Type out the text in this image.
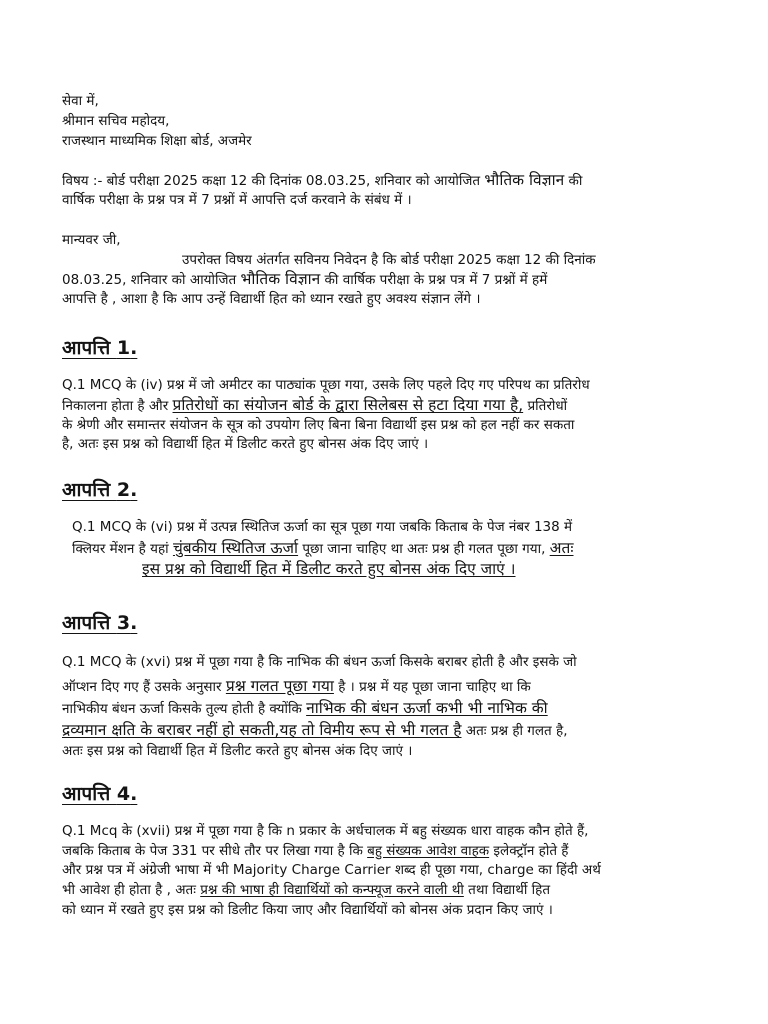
सेवा में,
श्रीमान सचिव महोदय,
राजस्थान माध्यमिक शिक्षा बोर्ड, अजमेर
विषय :- बोर्ड परीक्षा 2025 कक्षा 12 की दिनांक 08.03.25, शनिवार को आयोजित भौतिक विज्ञान की
वार्षिक परीक्षा के प्रश्न पत्र में 7 प्रश्नों में आपत्ति दर्ज करवाने के संबंध में ।
मान्यवर जी,
उपरोक्त विषय अंतर्गत सविनय निवेदन है कि बोर्ड परीक्षा 2025 कक्षा 12 की दिनांक
08.03.25, शनिवार को आयोजित भौतिक विज्ञान की वार्षिक परीक्षा के प्रश्न पत्र में 7 प्रश्नों में हमें
आपत्ति है , आशा है कि आप उन्हें विद्यार्थी हित को ध्यान रखते हुए अवश्य संज्ञान लेंगे ।
आपत्ति 1.
Q.1 MCQ के (iv) प्रश्न में जो अमीटर का पाठ्यांक पूछा गया, उसके लिए पहले दिए गए परिपथ का प्रतिरोध
निकालना होता है और प्रतिरोधों का संयोजन बोर्ड के द्वारा सिलेबस से हटा दिया गया है, प्रतिरोधों
के श्रेणी और समान्तर संयोजन के सूत्र को उपयोग लिए बिना बिना विद्यार्थी इस प्रश्न को हल नहीं कर सकता
है, अतः इस प्रश्न को विद्यार्थी हित में डिलीट करते हुए बोनस अंक दिए जाएं ।
आपत्ति 2.
Q.1 MCQ के (vi) प्रश्न में उत्पन्न स्थितिज ऊर्जा का सूत्र पूछा गया जबकि किताब के पेज नंबर 138 में
क्लियर मेंशन है यहां चुंबकीय स्थितिज ऊर्जा पूछा जाना चाहिए था अतः प्रश्न ही गलत पूछा गया, अतः
इस प्रश्न को विद्यार्थी हित में डिलीट करते हुए बोनस अंक दिए जाएं ।
आपत्ति 3.
Q.1 MCQ के (xvi) प्रश्न में पूछा गया है कि नाभिक की बंधन ऊर्जा किसके बराबर होती है और इसके जो
ऑप्शन दिए गए हैं उसके अनुसार प्रश्न गलत पूछा गया है । प्रश्न में यह पूछा जाना चाहिए था कि
नाभिकीय बंधन ऊर्जा किसके तुल्य होती है क्योंकि नाभिक की बंधन ऊर्जा कभी भी नाभिक की
द्रव्यमान क्षति के बराबर नहीं हो सकती,यह तो विमीय रूप से भी गलत है अतः प्रश्न ही गलत है,
अतः इस प्रश्न को विद्यार्थी हित में डिलीट करते हुए बोनस अंक दिए जाएं ।
आपत्ति 4.
Q.1 Mcq के (xvii) प्रश्न में पूछा गया है कि n प्रकार के अर्धचालक में बहु संख्यक धारा वाहक कौन होते हैं,
जबकि किताब के पेज 331 पर सीधे तौर पर लिखा गया है कि बहु संख्यक आवेश वाहक इलेक्ट्रॉन होते हैं
और प्रश्न पत्र में अंग्रेजी भाषा में भी Majority Charge Carrier शब्द ही पूछा गया, charge का हिंदी अर्थ
भी आवेश ही होता है , अतः प्रश्न की भाषा ही विद्यार्थियों को कन्फ्यूज करने वाली थी तथा विद्यार्थी हित
को ध्यान में रखते हुए इस प्रश्न को डिलीट किया जाए और विद्यार्थियों को बोनस अंक प्रदान किए जाएं ।
